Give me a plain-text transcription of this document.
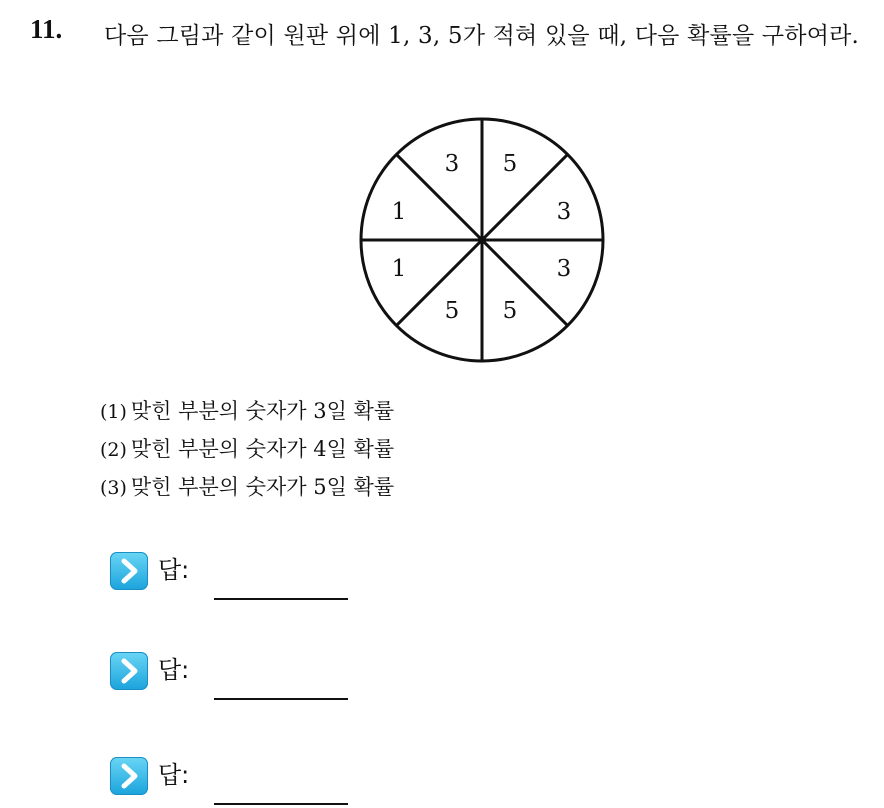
11. 다음 그림과 같이 원판 위에 1, 3, 5가 적혀 있을 때, 다음 확률을 구하여라.
3 5
3
3
5
5
1
1
(1) 맞힌 부분의 숫자가 3일 확률
(2) 맞힌 부분의 숫자가 4일 확률
(3) 맞힌 부분의 숫자가 5일 확률
답:
답:
답:
